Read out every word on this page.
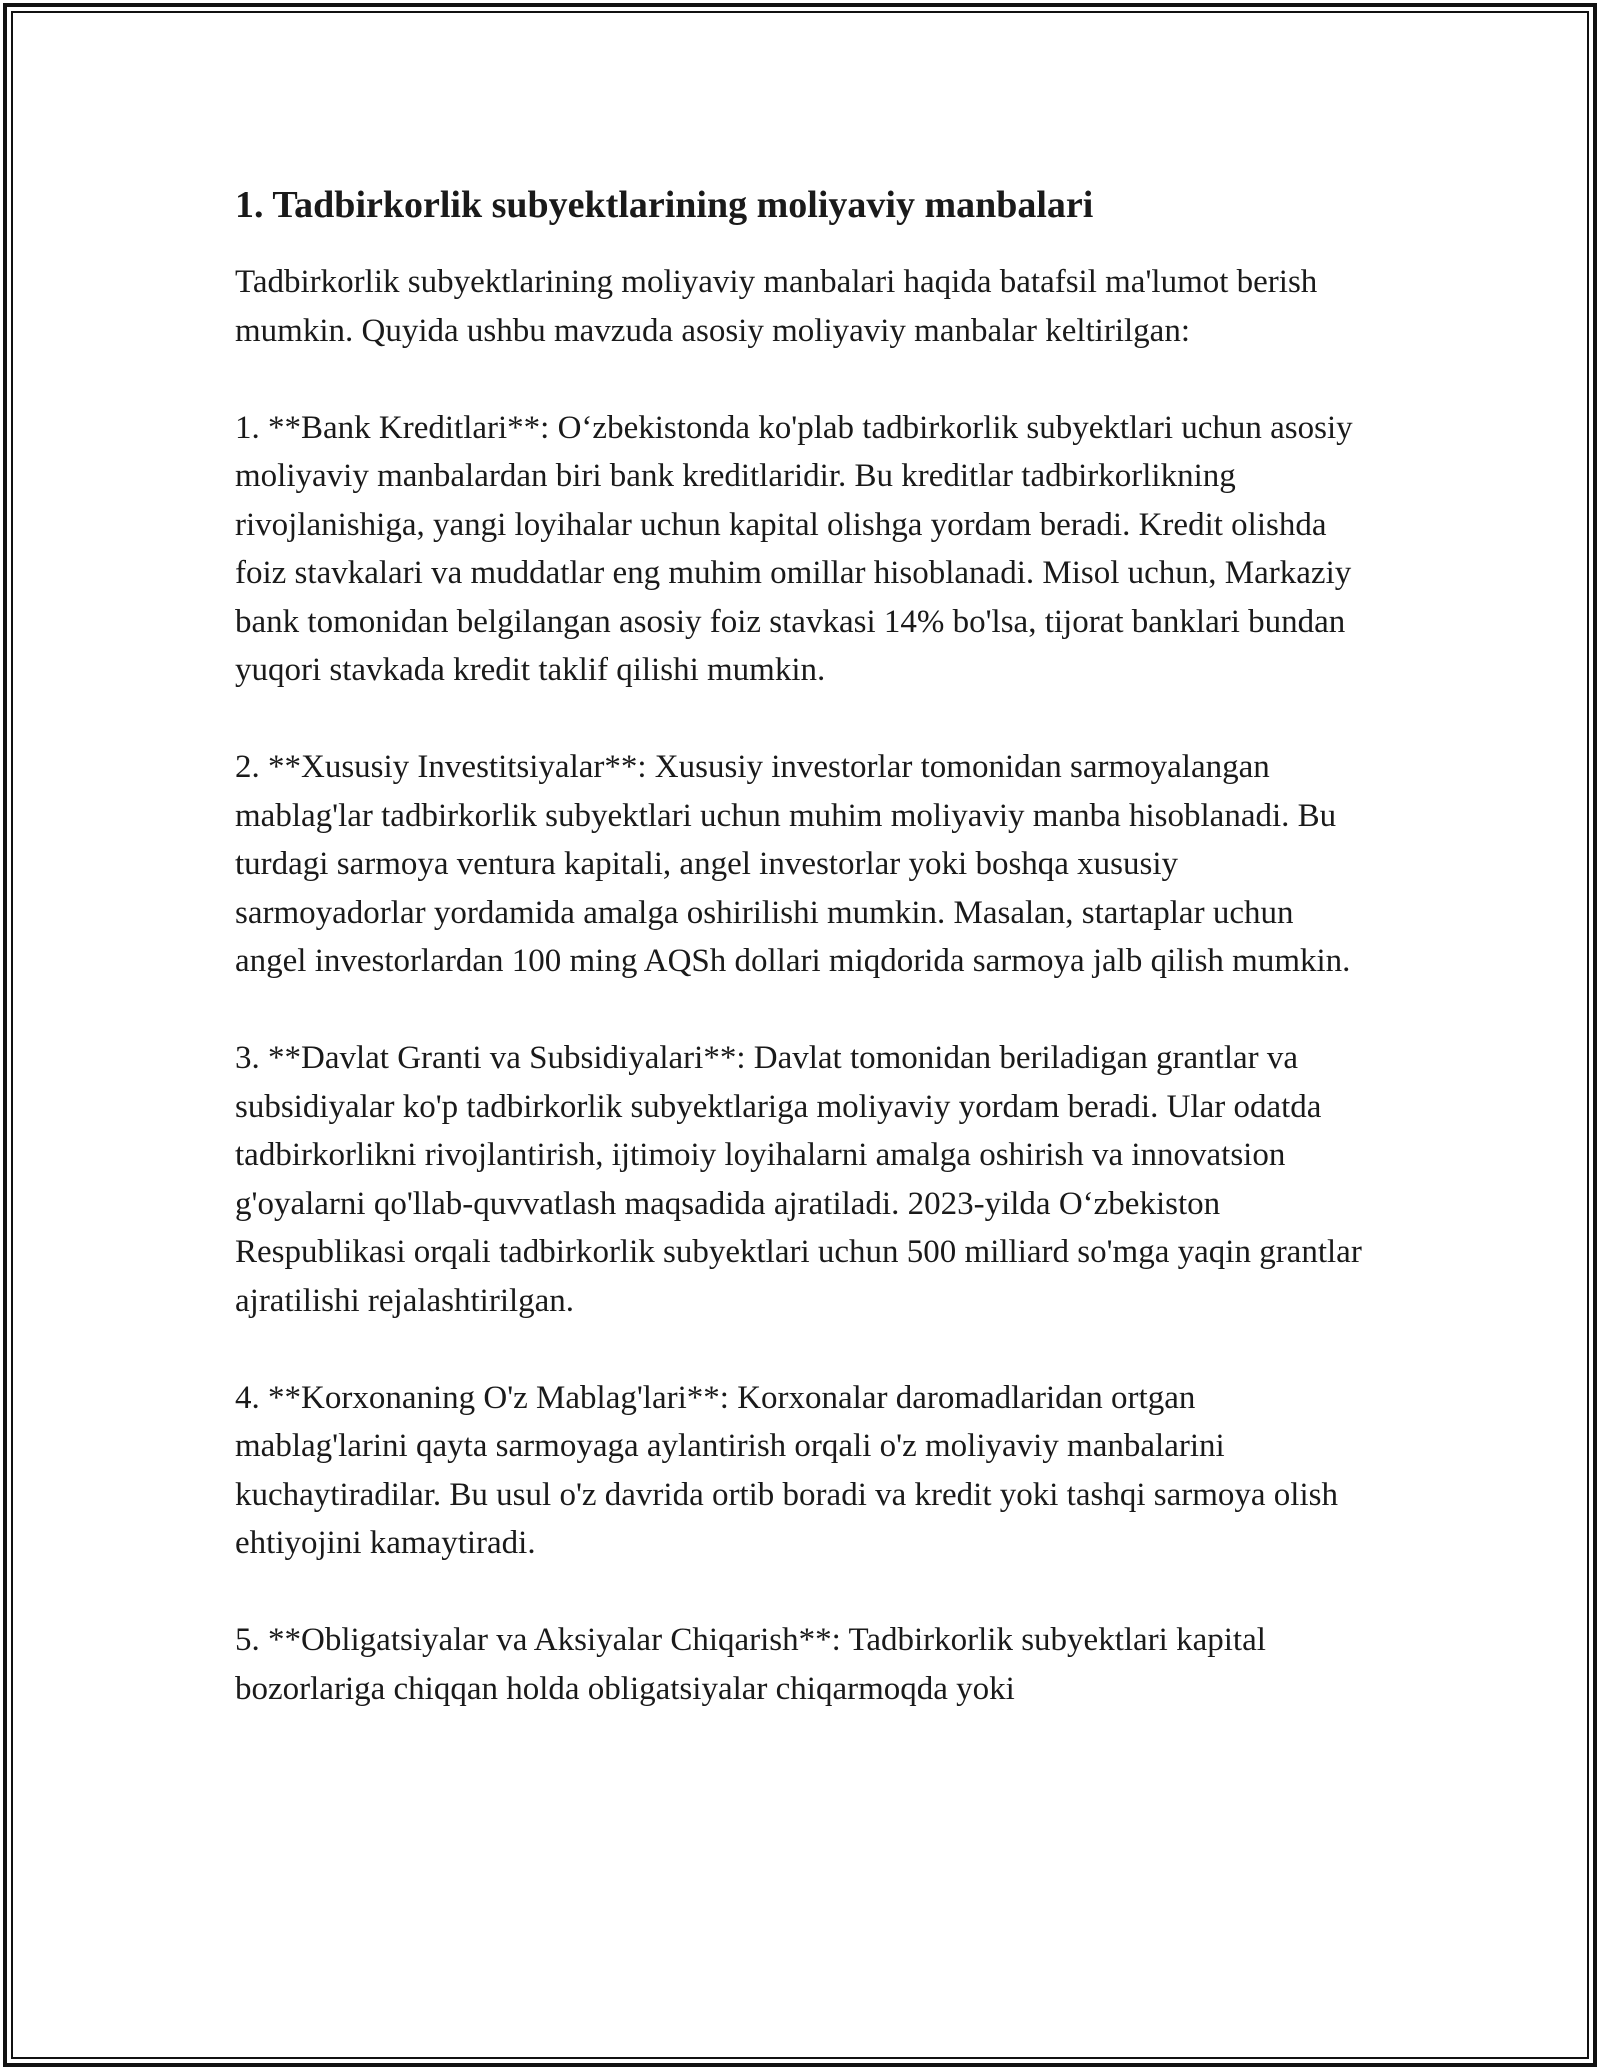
1. Tadbirkorlik subyektlarining moliyaviy manbalari

Tadbirkorlik subyektlarining moliyaviy manbalari haqida batafsil ma'lumot berish mumkin. Quyida ushbu mavzuda asosiy moliyaviy manbalar keltirilgan:

1. **Bank Kreditlari**: O‘zbekistonda ko'plab tadbirkorlik subyektlari uchun asosiy moliyaviy manbalardan biri bank kreditlaridir. Bu kreditlar tadbirkorlikning rivojlanishiga, yangi loyihalar uchun kapital olishga yordam beradi. Kredit olishda foiz stavkalari va muddatlar eng muhim omillar hisoblanadi. Misol uchun, Markaziy bank tomonidan belgilangan asosiy foiz stavkasi 14% bo'lsa, tijorat banklari bundan yuqori stavkada kredit taklif qilishi mumkin.

2. **Xususiy Investitsiyalar**: Xususiy investorlar tomonidan sarmoyalangan mablag'lar tadbirkorlik subyektlari uchun muhim moliyaviy manba hisoblanadi. Bu turdagi sarmoya ventura kapitali, angel investorlar yoki boshqa xususiy sarmoyadorlar yordamida amalga oshirilishi mumkin. Masalan, startaplar uchun angel investorlardan 100 ming AQSh dollari miqdorida sarmoya jalb qilish mumkin.

3. **Davlat Granti va Subsidiyalari**: Davlat tomonidan beriladigan grantlar va subsidiyalar ko'p tadbirkorlik subyektlariga moliyaviy yordam beradi. Ular odatda tadbirkorlikni rivojlantirish, ijtimoiy loyihalarni amalga oshirish va innovatsion g'oyalarni qo'llab-quvvatlash maqsadida ajratiladi. 2023-yilda O‘zbekiston Respublikasi orqali tadbirkorlik subyektlari uchun 500 milliard so'mga yaqin grantlar ajratilishi rejalashtirilgan.

4. **Korxonaning O'z Mablag'lari**: Korxonalar daromadlaridan ortgan mablag'larini qayta sarmoyaga aylantirish orqali o'z moliyaviy manbalarini kuchaytiradilar. Bu usul o'z davrida ortib boradi va kredit yoki tashqi sarmoya olish ehtiyojini kamaytiradi.

5. **Obligatsiyalar va Aksiyalar Chiqarish**: Tadbirkorlik subyektlari kapital bozorlariga chiqqan holda obligatsiyalar chiqarmoqda yoki
